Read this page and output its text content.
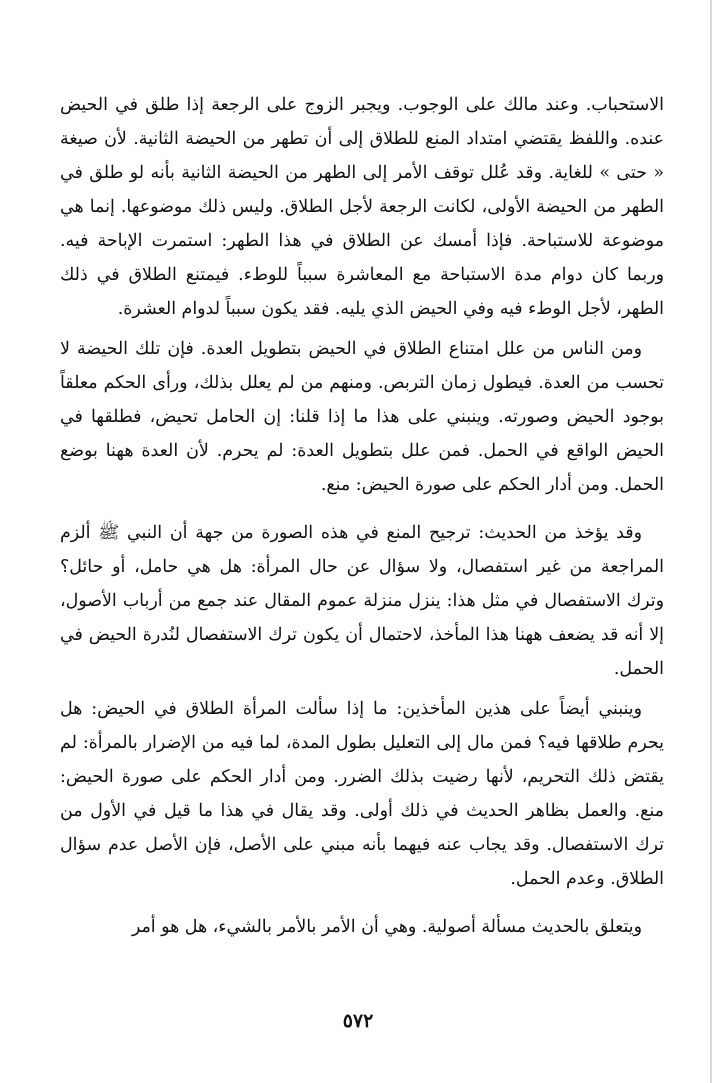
الاستحباب. وعند مالك على الوجوب. ويجبر الزوج على الرجعة إذا طلق في الحيض عنده. واللفظ يقتضي امتداد المنع للطلاق إلى أن تطهر من الحيضة الثانية. لأن صيغة « حتى » للغاية. وقد عُلل توقف الأمر إلى الطهر من الحيضة الثانية بأنه لو طلق في الطهر من الحيضة الأولى، لكانت الرجعة لأجل الطلاق. وليس ذلك موضوعها. إنما هي موضوعة للاستباحة. فإذا أمسك عن الطلاق في هذا الطهر: استمرت الإباحة فيه. وربما كان دوام مدة الاستباحة مع المعاشرة سبباً للوطء. فيمتنع الطلاق في ذلك الطهر، لأجل الوطء فيه وفي الحيض الذي يليه. فقد يكون سبباً لدوام العشرة.

ومن الناس من علل امتناع الطلاق في الحيض بتطويل العدة. فإن تلك الحيضة لا تحسب من العدة. فيطول زمان التربص. ومنهم من لم يعلل بذلك، ورأى الحكم معلقاً بوجود الحيض وصورته. وينبني على هذا ما إذا قلنا: إن الحامل تحيض، فطلقها في الحيض الواقع في الحمل. فمن علل بتطويل العدة: لم يحرم. لأن العدة ههنا بوضع الحمل. ومن أدار الحكم على صورة الحيض: منع.

وقد يؤخذ من الحديث: ترجيح المنع في هذه الصورة من جهة أن النبي ﷺ ألزم المراجعة من غير استفصال، ولا سؤال عن حال المرأة: هل هي حامل، أو حائل؟ وترك الاستفصال في مثل هذا: ينزل منزلة عموم المقال عند جمع من أرباب الأصول، إلا أنه قد يضعف ههنا هذا المأخذ، لاحتمال أن يكون ترك الاستفصال لنُدرة الحيض في الحمل.

وينبني أيضاً على هذين المأخذين: ما إذا سألت المرأة الطلاق في الحيض: هل يحرم طلاقها فيه؟ فمن مال إلى التعليل بطول المدة، لما فيه من الإضرار بالمرأة: لم يقتض ذلك التحريم، لأنها رضيت بذلك الضرر. ومن أدار الحكم على صورة الحيض: منع. والعمل بظاهر الحديث في ذلك أولى. وقد يقال في هذا ما قيل في الأول من ترك الاستفصال. وقد يجاب عنه فيهما بأنه مبني على الأصل، فإن الأصل عدم سؤال الطلاق. وعدم الحمل.

ويتعلق بالحديث مسألة أصولية. وهي أن الأمر بالأمر بالشيء، هل هو أمر

٥٧٢
